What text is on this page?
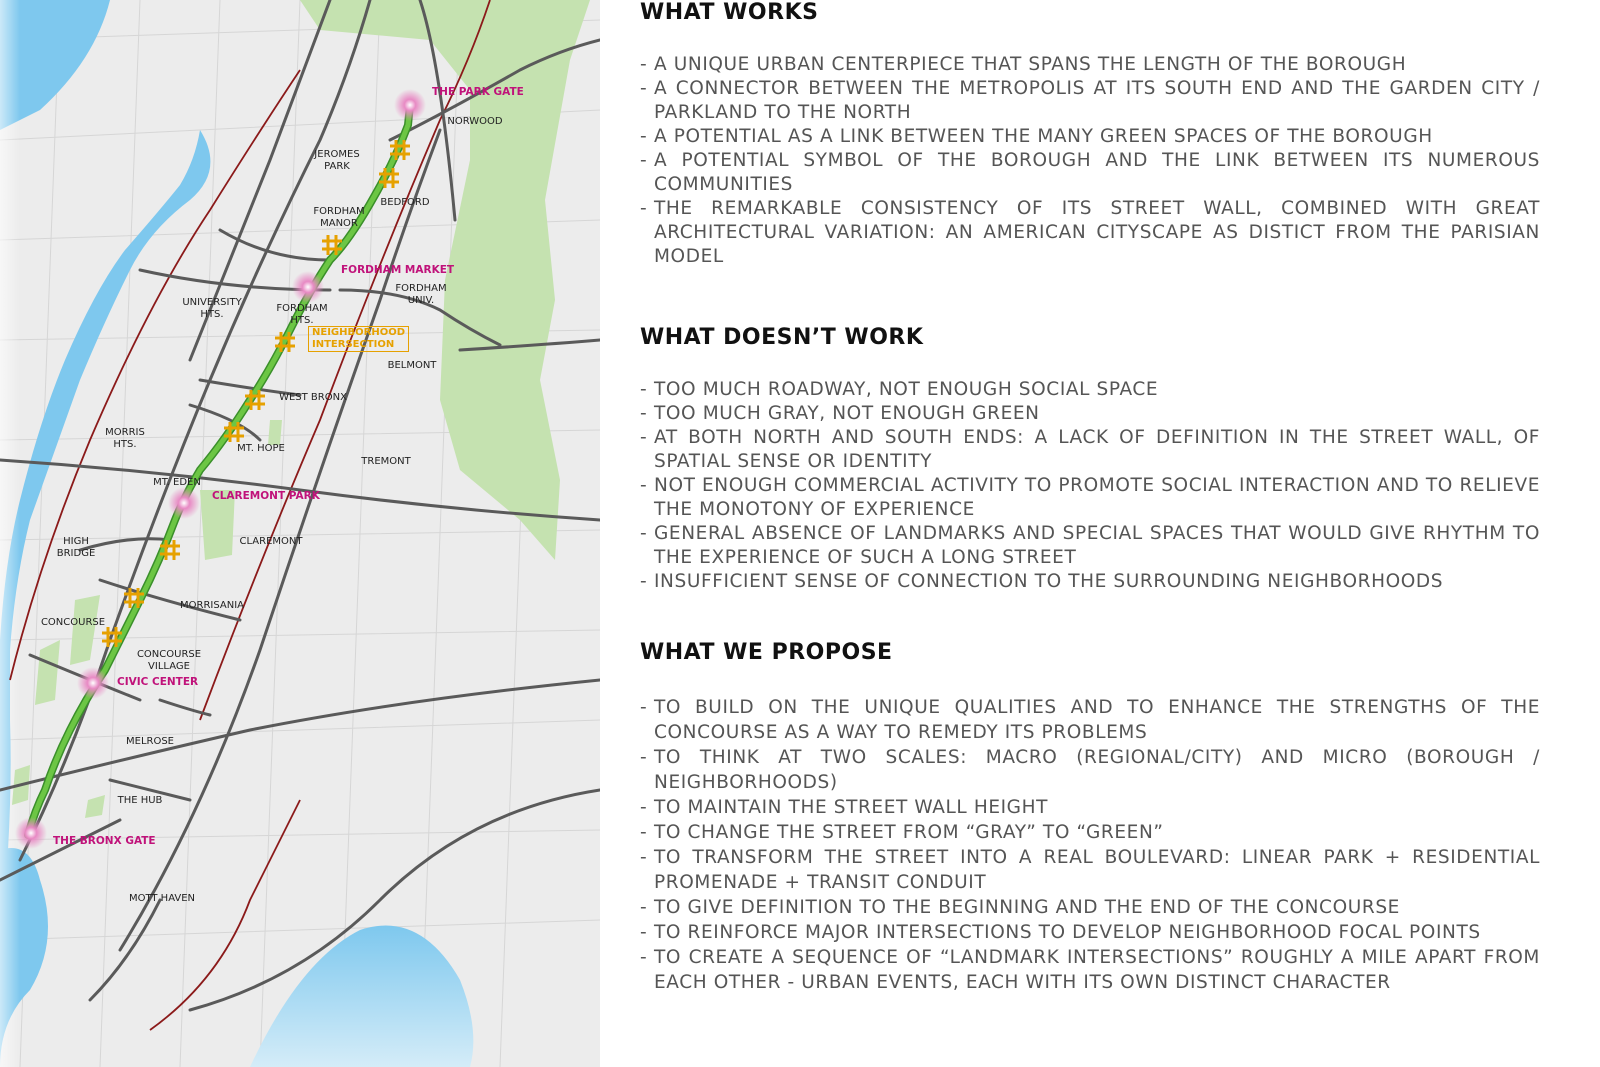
NORWOOD
JEROMES
PARK
BEDFORD
FORDHAM
MANOR
UNIVERSITY
HTS.
FORDHAM
HTS.
FORDHAM
UNIV.
BELMONT
WEST BRONX
MORRIS
HTS.	MT. HOPE
TREMONT
MT. EDEN
HIGH
BRIDGE
CLAREMONT
MORRISANIA
CONCOURSE
CONCOURSE
VILLAGE
MELROSE
THE HUB
MOTT HAVEN
THE PARK GATE
FORDHAM MARKET
CLAREMONT PARK
CIVIC CENTER
THE BRONX GATE
NEIGHBORHOOD
INTERSECTION
WHAT WORKS
- A UNIQUE URBAN CENTERPIECE THAT SPANS THE LENGTH OF THE BOROUGH
- A CONNECTOR BETWEEN THE METROPOLIS AT ITS SOUTH END AND THE GARDEN CITY / PARKLAND TO THE NORTH
- A POTENTIAL AS A LINK BETWEEN THE MANY GREEN SPACES OF THE BOROUGH
- A POTENTIAL SYMBOL OF THE BOROUGH AND THE LINK BETWEEN ITS NUMEROUS COMMUNITIES
- THE REMARKABLE CONSISTENCY OF ITS STREET WALL, COMBINED WITH GREAT ARCHITECTURAL VARIATION: AN AMERICAN CITYSCAPE AS DISTICT FROM THE PARISIAN MODEL
WHAT DOESN’T WORK
- TOO MUCH ROADWAY, NOT ENOUGH SOCIAL SPACE
- TOO MUCH GRAY, NOT ENOUGH GREEN
- AT BOTH NORTH AND SOUTH ENDS: A LACK OF DEFINITION IN THE STREET WALL, OF SPATIAL SENSE OR IDENTITY
- NOT ENOUGH COMMERCIAL ACTIVITY TO PROMOTE SOCIAL INTERACTION AND TO RELIEVE THE MONOTONY OF EXPERIENCE
- GENERAL ABSENCE OF LANDMARKS AND SPECIAL SPACES THAT WOULD GIVE RHYTHM TO THE EXPERIENCE OF SUCH A LONG STREET
- INSUFFICIENT SENSE OF CONNECTION TO THE SURROUNDING NEIGHBORHOODS
WHAT WE PROPOSE
- TO BUILD ON THE UNIQUE QUALITIES AND TO ENHANCE THE STRENGTHS OF THE CONCOURSE AS A WAY TO REMEDY ITS PROBLEMS
- TO THINK AT TWO SCALES: MACRO (REGIONAL/CITY) AND MICRO (BOROUGH / NEIGHBORHOODS)
- TO MAINTAIN THE STREET WALL HEIGHT
- TO CHANGE THE STREET FROM “GRAY” TO “GREEN”
- TO TRANSFORM THE STREET INTO A REAL BOULEVARD: LINEAR PARK + RESIDENTIAL PROMENADE + TRANSIT CONDUIT
- TO GIVE DEFINITION TO THE BEGINNING AND THE END OF THE CONCOURSE
- TO REINFORCE MAJOR INTERSECTIONS TO DEVELOP NEIGHBORHOOD FOCAL POINTS
- TO CREATE A SEQUENCE OF “LANDMARK INTERSECTIONS” ROUGHLY A MILE APART FROM EACH OTHER - URBAN EVENTS, EACH WITH ITS OWN DISTINCT CHARACTER
